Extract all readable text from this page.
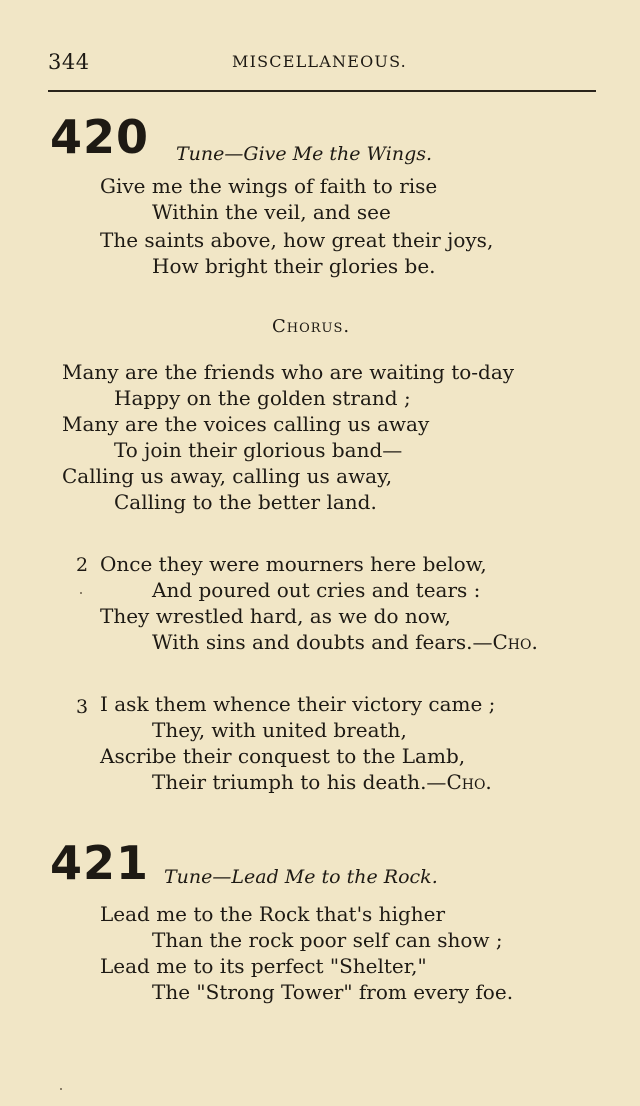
344	MISCELLANEOUS.
420 Tune—Give Me the Wings.
Give me the wings of faith to rise
Within the veil, and see
The saints above, how great their joys,
How bright their glories be.
Chorus.
Many are the friends who are waiting to-day
Happy on the golden strand ;
Many are the voices calling us away
To join their glorious band—
Calling us away, calling us away,
Calling to the better land.
2 Once they were mourners here below,
And poured out cries and tears :
They wrestled hard, as we do now,
With sins and doubts and fears.—Cho.
3 I ask them whence their victory came ;
They, with united breath,
Ascribe their conquest to the Lamb,
Their triumph to his death.—Cho.
421 Tune—Lead Me to the Rock.
Lead me to the Rock that's higher
Than the rock poor self can show ;
Lead me to its perfect "Shelter,"
The "Strong Tower" from every foe.
